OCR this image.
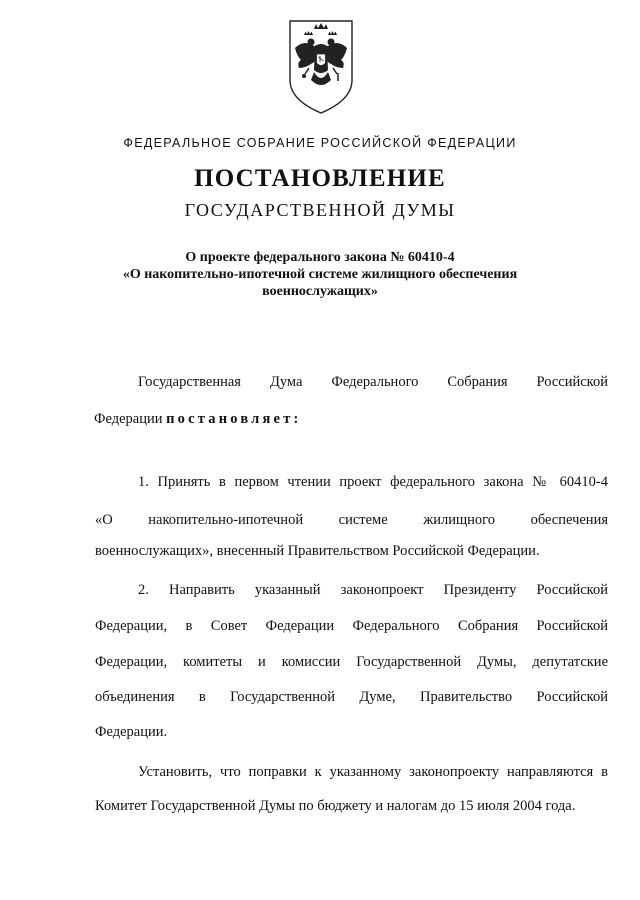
ФЕДЕРАЛЬНОЕ СОБРАНИЕ РОССИЙСКОЙ ФЕДЕРАЦИИ
ПОСТАНОВЛЕНИЕ
ГОСУДАРСТВЕННОЙ ДУМЫ
О проекте федерального закона № 60410-4
«О накопительно-ипотечной системе жилищного обеспечения
военнослужащих»
Государственная Дума Федерального Собрания Российской
Федерации постановляет:
1. Принять в первом чтении проект федерального закона № 60410-4
«О накопительно-ипотечной системе жилищного обеспечения
военнослужащих», внесенный Правительством Российской Федерации.
2. Направить указанный законопроект Президенту Российской
Федерации, в Совет Федерации Федерального Собрания Российской
Федерации, комитеты и комиссии Государственной Думы, депутатские
объединения в Государственной Думе, Правительство Российской
Федерации.
Установить, что поправки к указанному законопроекту направляются в
Комитет Государственной Думы по бюджету и налогам до 15 июля 2004 года.
